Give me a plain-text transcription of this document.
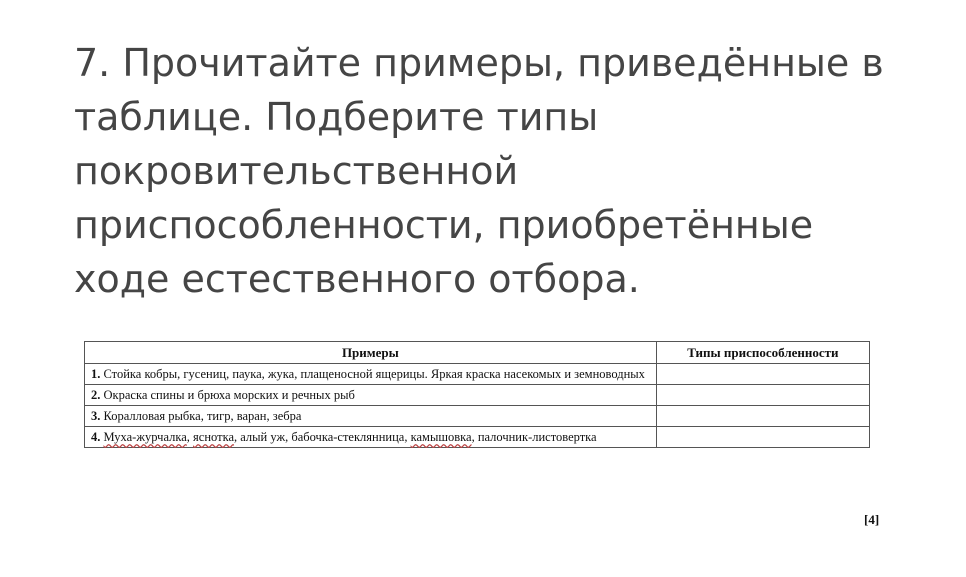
7. Прочитайте примеры, приведённые в
таблице. Подберите типы
покровительственной
приспособленности, приобретённые
ходе естественного отбора.
Примеры	Типы приспособленности
1. Стойка кобры, гусениц, паука, жука, плащеносной ящерицы. Яркая краска насекомых и земноводных	
2. Окраска спины и брюха морских и речных рыб	
3. Коралловая рыбка, тигр, варан, зебра	
4. Муха-журчалка, яснотка, алый уж, бабочка-стеклянница, камышовка, палочник-листовертка	
[4]
